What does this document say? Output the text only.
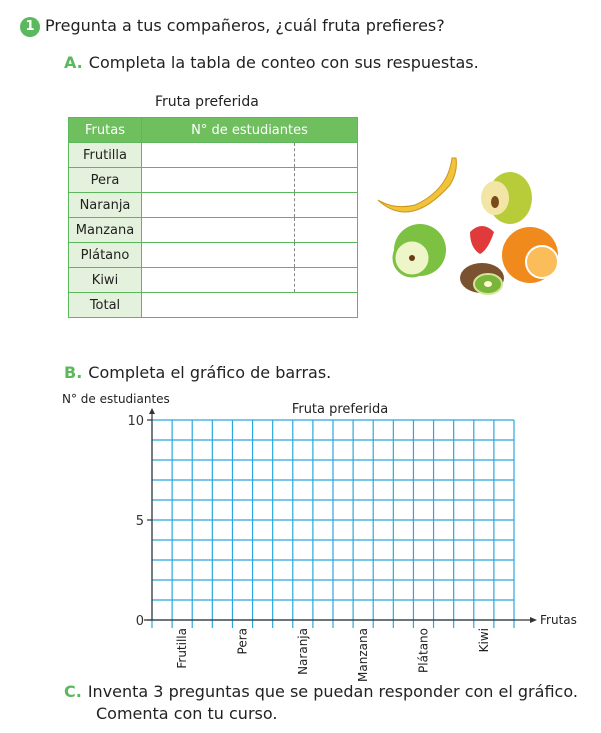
1 Pregunta a tus compañeros, ¿cuál fruta prefieres?
A. Completa la tabla de conteo con sus respuestas.
Fruta preferida
Frutas	N° de estudiantes
Frutilla	

Pera	

Naranja	

Manzana	

Plátano	

Kiwi	

Total	
B. Completa el gráfico de barras.
N° de estudiantes
0
5
10
Fruta preferida
Frutas
Frutilla	Pera	Naranja	Manzana	Plátano	Kiwi
C. Inventa 3 preguntas que se puedan responder con el gráfico.
Comenta con tu curso.
